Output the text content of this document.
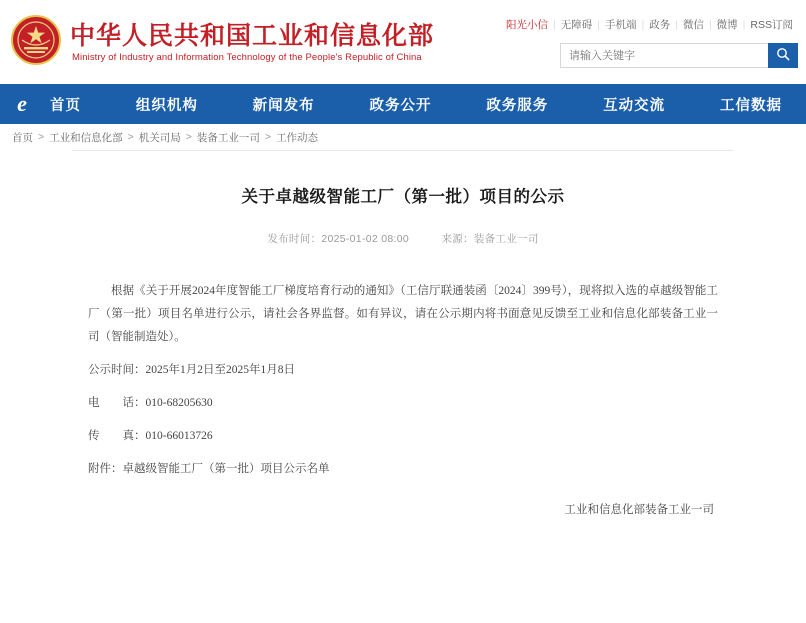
中华人民共和国工业和信息化部
Ministry of Industry and Information Technology of the People's Republic of China
阳光小信 | 无障碍 | 手机端 | 政务 | 微信 | 微博 | RSS订阅
请输入关键字
e	首页	组织机构	新闻发布	政务公开	政务服务	互动交流	工信数据
首页 > 工业和信息化部 > 机关司局 > 装备工业一司 > 工作动态
关于卓越级智能工厂（第一批）项目的公示
发布时间：2025-01-02 08:00	来源：装备工业一司

根据《关于开展2024年度智能工厂梯度培育行动的通知》（工信厅联通装函〔2024〕399号），现将拟入选的卓越级智能工厂（第一批）项目名单进行公示，请社会各界监督。如有异议，请在公示期内将书面意见反馈至工业和信息化部装备工业一司（智能制造处）。

公示时间：2025年1月2日至2025年1月8日

电　　话：010-68205630

传　　真：010-66013726

附件：卓越级智能工厂（第一批）项目公示名单

工业和信息化部装备工业一司
